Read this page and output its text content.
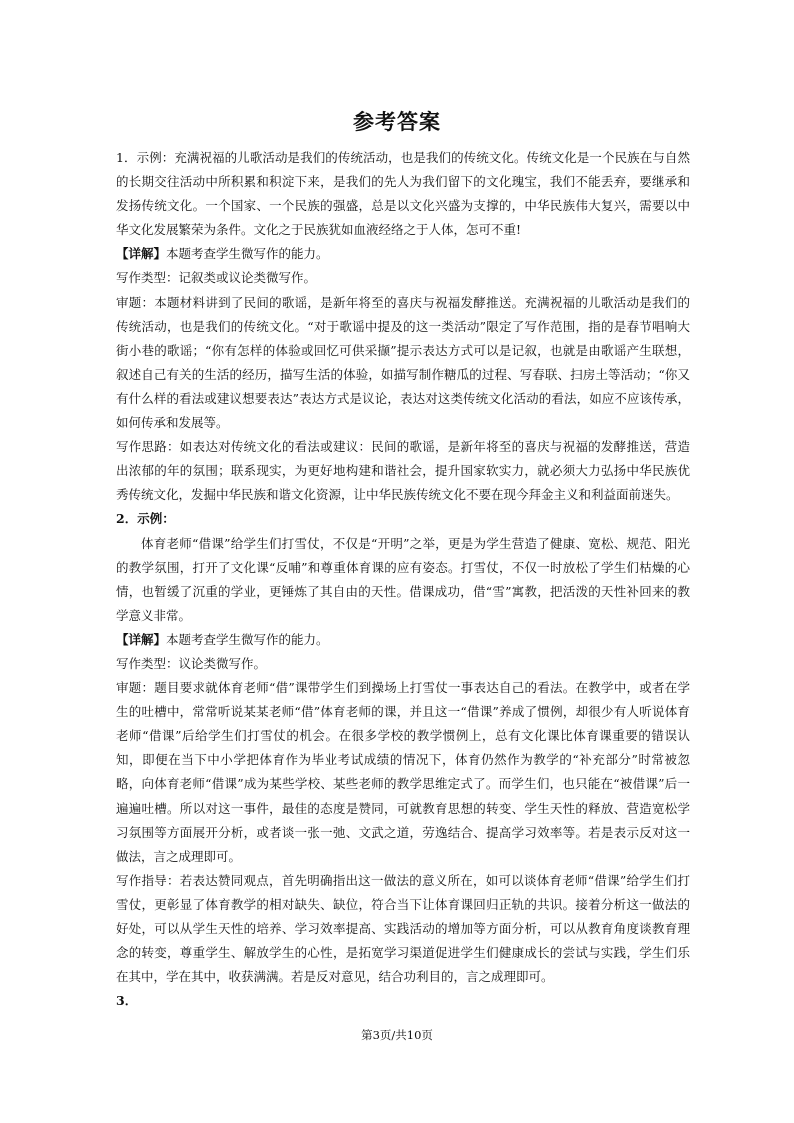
参考答案

1．示例：充满祝福的儿歌活动是我们的传统活动，也是我们的传统文化。传统文化是一个民族在与自然的长期交往活动中所积累和积淀下来，是我们的先人为我们留下的文化瑰宝，我们不能丢弃，要继承和发扬传统文化。一个国家、一个民族的强盛，总是以文化兴盛为支撑的，中华民族伟大复兴，需要以中华文化发展繁荣为条件。文化之于民族犹如血液经络之于人体，怎可不重!

【详解】本题考查学生微写作的能力。

写作类型：记叙类或议论类微写作。

审题：本题材料讲到了民间的歌谣，是新年将至的喜庆与祝福发酵推送。充满祝福的儿歌活动是我们的传统活动，也是我们的传统文化。“对于歌谣中提及的这一类活动”限定了写作范围，指的是春节唱响大街小巷的歌谣；“你有怎样的体验或回忆可供采撷”提示表达方式可以是记叙，也就是由歌谣产生联想，叙述自己有关的生活的经历，描写生活的体验，如描写制作糖瓜的过程、写春联、扫房土等活动；“你又有什么样的看法或建议想要表达”表达方式是议论，表达对这类传统文化活动的看法，如应不应该传承，如何传承和发展等。

写作思路：如表达对传统文化的看法或建议：民间的歌谣，是新年将至的喜庆与祝福的发酵推送，营造出浓郁的年的氛围；联系现实，为更好地构建和谐社会，提升国家软实力，就必须大力弘扬中华民族优秀传统文化，发掘中华民族和谐文化资源，让中华民族传统文化不要在现今拜金主义和利益面前迷失。

2．示例：

体育老师“借课”给学生们打雪仗，不仅是“开明”之举，更是为学生营造了健康、宽松、规范、阳光的教学氛围，打开了文化课“反哺”和尊重体育课的应有姿态。打雪仗，不仅一时放松了学生们枯燥的心情，也暂缓了沉重的学业，更锤炼了其自由的天性。借课成功，借“雪”寓教，把活泼的天性补回来的教学意义非常。

【详解】本题考查学生微写作的能力。

写作类型：议论类微写作。

审题：题目要求就体育老师“借”课带学生们到操场上打雪仗一事表达自己的看法。在教学中，或者在学生的吐槽中，常常听说某某老师“借”体育老师的课，并且这一“借课”养成了惯例，却很少有人听说体育老师“借课”后给学生们打雪仗的机会。在很多学校的教学惯例上，总有文化课比体育课重要的错误认知，即便在当下中小学把体育作为毕业考试成绩的情况下，体育仍然作为教学的“补充部分”时常被忽略，向体育老师“借课”成为某些学校、某些老师的教学思维定式了。而学生们，也只能在“被借课”后一遍遍吐槽。所以对这一事件，最佳的态度是赞同，可就教育思想的转变、学生天性的释放、营造宽松学习氛围等方面展开分析，或者谈一张一弛、文武之道，劳逸结合、提高学习效率等。若是表示反对这一做法，言之成理即可。

写作指导：若表达赞同观点，首先明确指出这一做法的意义所在，如可以谈体育老师“借课”给学生们打雪仗，更彰显了体育教学的相对缺失、缺位，符合当下让体育课回归正轨的共识。接着分析这一做法的好处，可以从学生天性的培养、学习效率提高、实践活动的增加等方面分析，可以从教育角度谈教育理念的转变，尊重学生、解放学生的心性，是拓宽学习渠道促进学生们健康成长的尝试与实践，学生们乐在其中，学在其中，收获满满。若是反对意见，结合功利目的，言之成理即可。

3．

第3页/共10页
